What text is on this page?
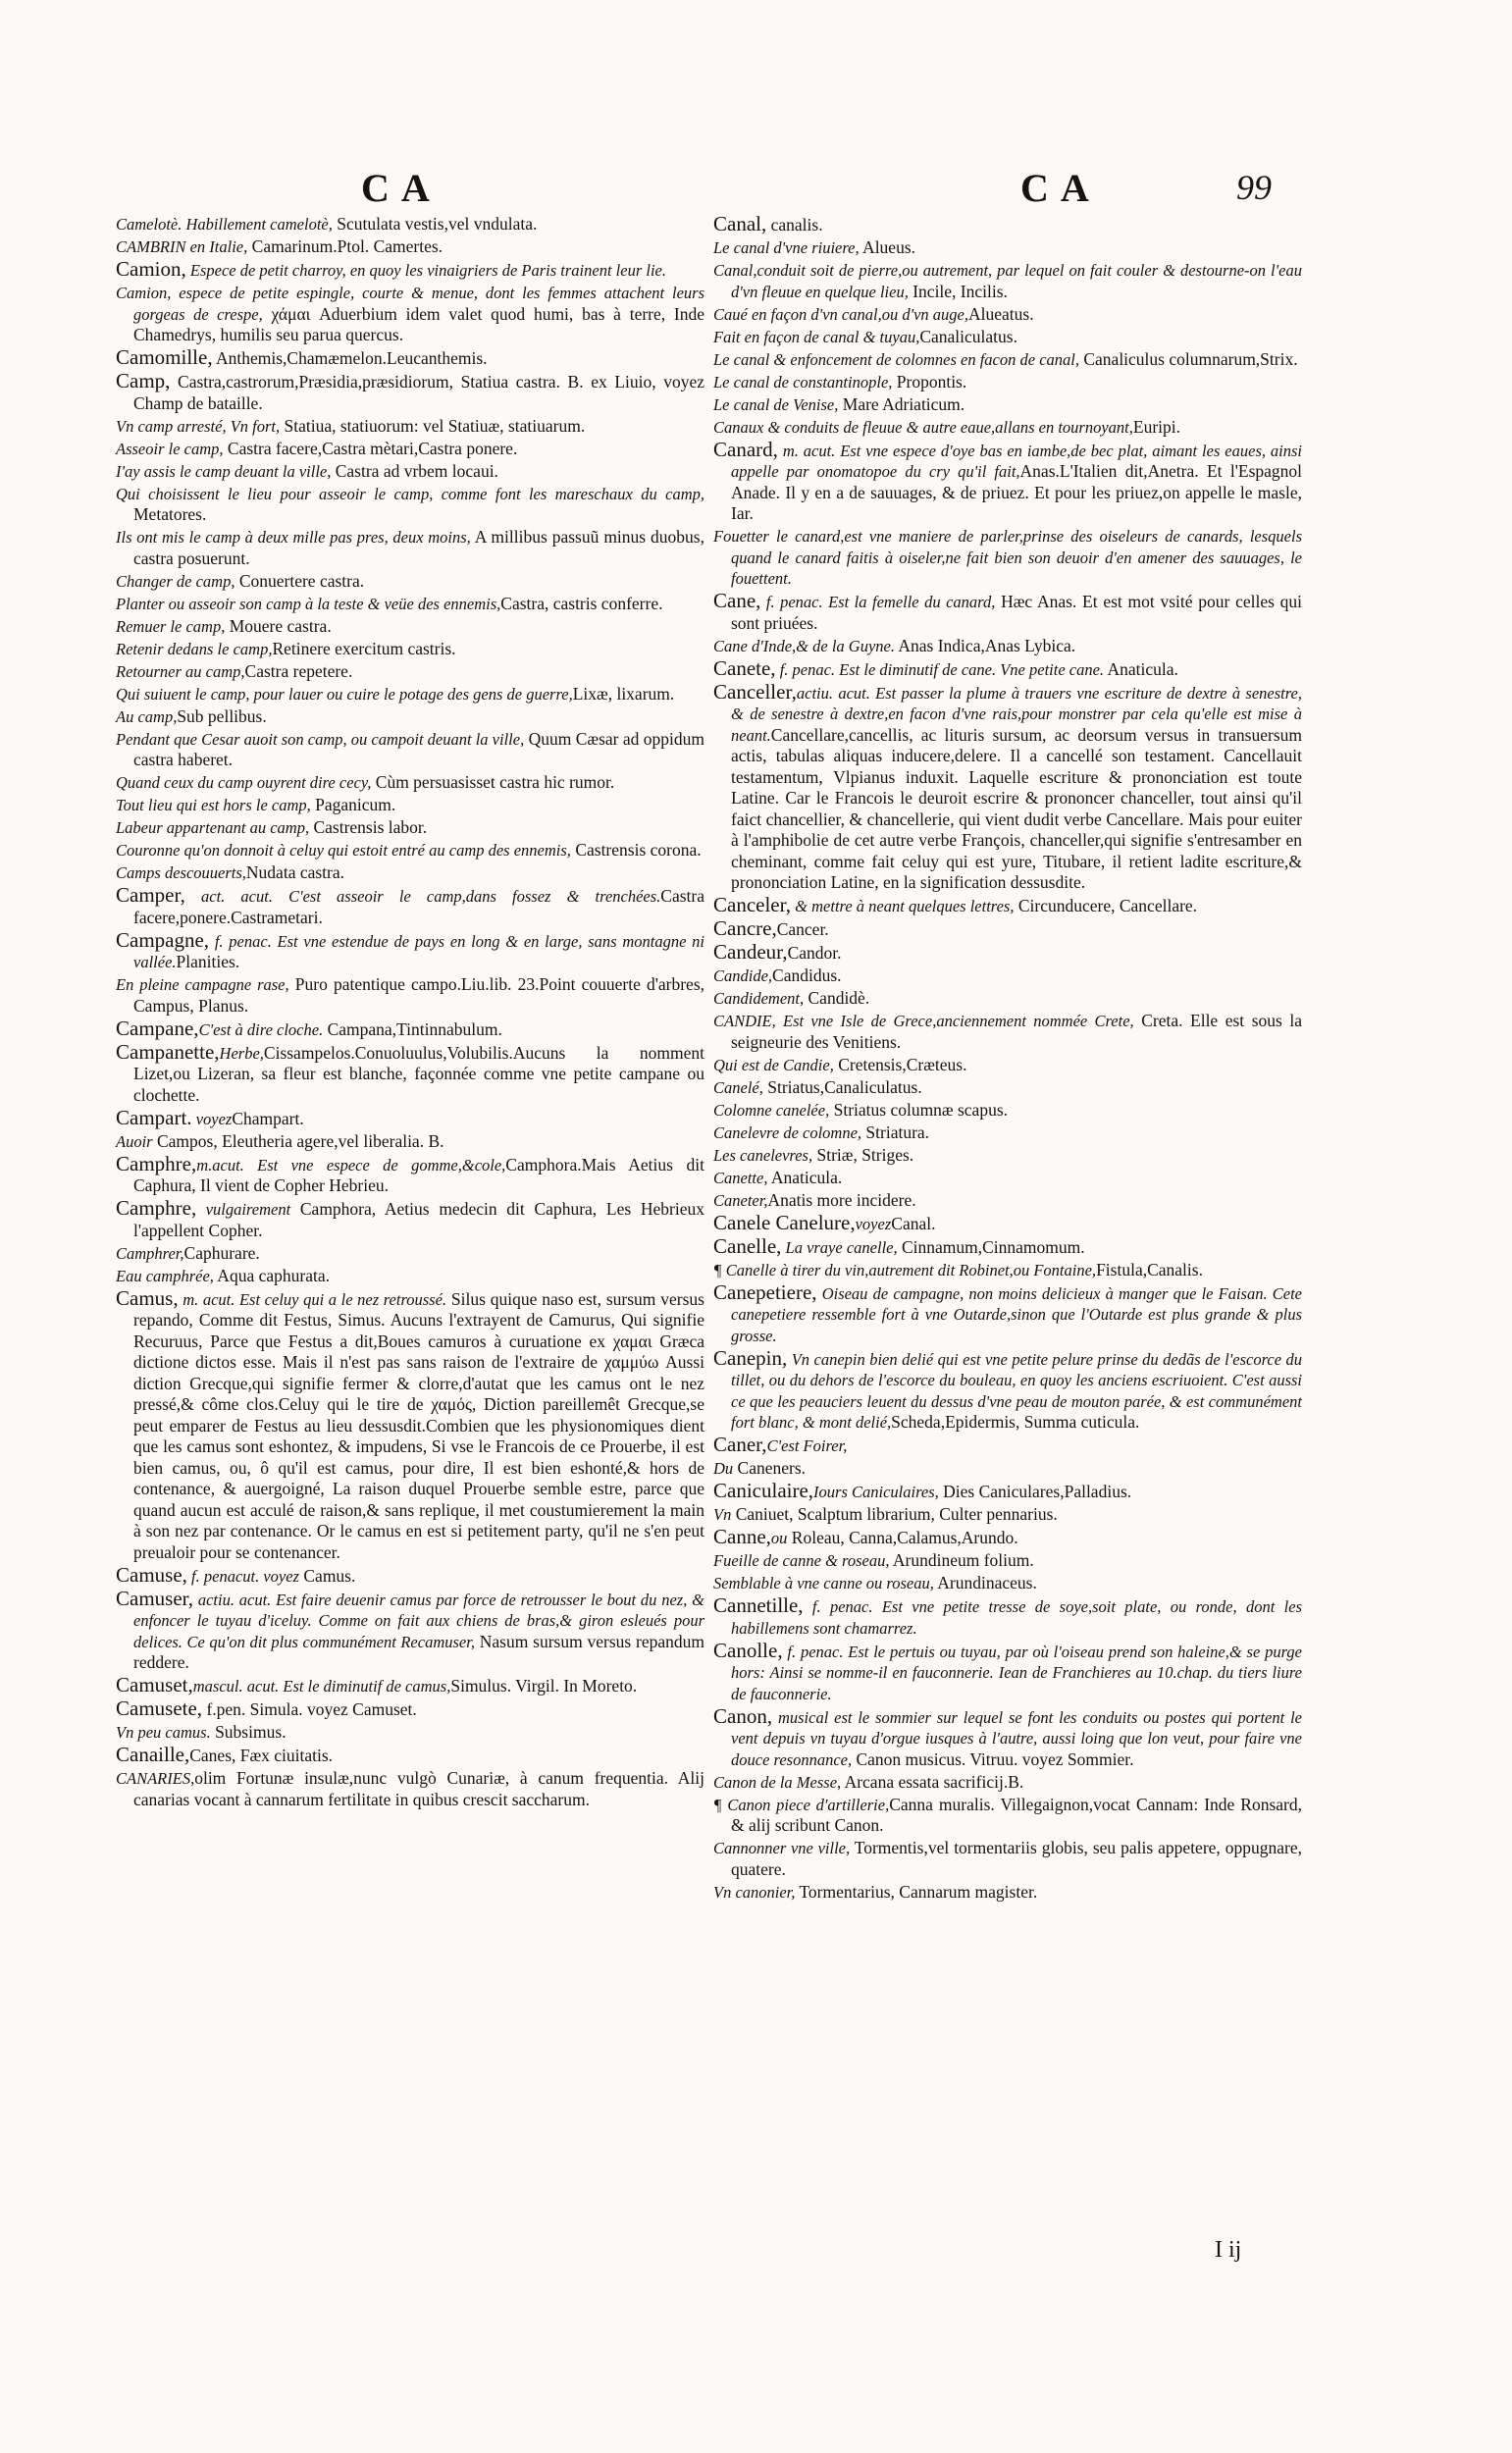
CA	CA	99

Camelotè. Habillement camelotè, Scutulata vestis,vel vndulata.

CAMBRIN en Italie, Camarinum.Ptol. Camertes.

Camion, Espece de petit charroy, en quoy les vinaigriers de Paris trainent leur lie.

Camion, espece de petite espingle, courte & menue, dont les femmes attachent leurs gorgeas de crespe, χάμαι Aduerbium idem valet quod humi, bas à terre, Inde Chamedrys, humilis seu parua quercus.

Camomille, Anthemis,Chamæmelon.Leucanthemis.

Camp, Castra,castrorum,Præsidia,præsidiorum, Statiua castra. B. ex Liuio, voyez Champ de bataille.

Vn camp arresté, Vn fort, Statiua, statiuorum: vel Statiuæ, statiuarum.

Asseoir le camp, Castra facere,Castra mètari,Castra ponere.

I'ay assis le camp deuant la ville, Castra ad vrbem locaui.

Qui choisissent le lieu pour asseoir le camp, comme font les mareschaux du camp, Metatores.

Ils ont mis le camp à deux mille pas pres, deux moins, A millibus passuũ minus duobus, castra posuerunt.

Changer de camp, Conuertere castra.

Planter ou asseoir son camp à la teste & veüe des ennemis,Castra, castris conferre.

Remuer le camp, Mouere castra.

Retenir dedans le camp,Retinere exercitum castris.

Retourner au camp,Castra repetere.

Qui suiuent le camp, pour lauer ou cuire le potage des gens de guerre,Lixæ, lixarum.

Au camp,Sub pellibus.

Pendant que Cesar auoit son camp, ou campoit deuant la ville, Quum Cæsar ad oppidum castra haberet.

Quand ceux du camp ouyrent dire cecy, Cùm persuasisset castra hic rumor.

Tout lieu qui est hors le camp, Paganicum.

Labeur appartenant au camp, Castrensis labor.

Couronne qu'on donnoit à celuy qui estoit entré au camp des ennemis, Castrensis corona.

Camps descouuerts,Nudata castra.

Camper, act. acut. C'est asseoir le camp,dans fossez & trenchées.Castra facere,ponere.Castrametari.

Campagne, f. penac. Est vne estendue de pays en long & en large, sans montagne ni vallée.Planities.

En pleine campagne rase, Puro patentique campo.Liu.lib. 23.Point couuerte d'arbres, Campus, Planus.

Campane,C'est à dire cloche. Campana,Tintinnabulum.

Campanette,Herbe,Cissampelos.Conuoluulus,Volubilis.Aucuns la nomment Lizet,ou Lizeran, sa fleur est blanche, façonnée comme vne petite campane ou clochette.

Campart. voyezChampart.

Auoir Campos, Eleutheria agere,vel liberalia. B.

Camphre,m.acut. Est vne espece de gomme,&cole,Camphora.Mais Aetius dit Caphura, Il vient de Copher Hebrieu.

Camphre, vulgairement Camphora, Aetius medecin dit Caphura, Les Hebrieux l'appellent Copher.

Camphrer,Caphurare.

Eau camphrée, Aqua caphurata.

Camus, m. acut. Est celuy qui a le nez retroussé. Silus quique naso est, sursum versus repando, Comme dit Festus, Simus. Aucuns l'extrayent de Camurus, Qui signifie Recuruus, Parce que Festus a dit,Boues camuros à curuatione ex χαμαι Græca dictione dictos esse. Mais il n'est pas sans raison de l'extraire de χαμμύω Aussi diction Grecque,qui signifie fermer & clorre,d'autat que les camus ont le nez pressé,& côme clos.Celuy qui le tire de χαμός, Diction pareillemêt Grecque,se peut emparer de Festus au lieu dessusdit.Combien que les physionomiques dient que les camus sont eshontez, & impudens, Si vse le Francois de ce Prouerbe, il est bien camus, ou, ô qu'il est camus, pour dire, Il est bien eshonté,& hors de contenance, & auergoigné, La raison duquel Prouerbe semble estre, parce que quand aucun est acculé de raison,& sans replique, il met coustumierement la main à son nez par contenance. Or le camus en est si petitement party, qu'il ne s'en peut preualoir pour se contenancer.

Camuse, f. penacut. voyez Camus.

Camuser, actiu. acut. Est faire deuenir camus par force de retrousser le bout du nez, & enfoncer le tuyau d'iceluy. Comme on fait aux chiens de bras,& giron esleués pour delices. Ce qu'on dit plus communément Recamuser, Nasum sursum versus repandum reddere.

Camuset,mascul. acut. Est le diminutif de camus,Simulus. Virgil. In Moreto.

Camusete, f.pen. Simula. voyez Camuset.

Vn peu camus. Subsimus.

Canaille,Canes, Fæx ciuitatis.

CANARIES,olim Fortunæ insulæ,nunc vulgò Cunariæ, à canum frequentia. Alij canarias vocant à cannarum fertilitate in quibus crescit saccharum.

Canal, canalis.

Le canal d'vne riuiere, Alueus.

Canal,conduit soit de pierre,ou autrement, par lequel on fait couler & destourne-on l'eau d'vn fleuue en quelque lieu, Incile, Incilis.

Caué en façon d'vn canal,ou d'vn auge,Alueatus.

Fait en façon de canal & tuyau,Canaliculatus.

Le canal & enfoncement de colomnes en facon de canal, Canaliculus columnarum,Strix.

Le canal de constantinople, Propontis.

Le canal de Venise, Mare Adriaticum.

Canaux & conduits de fleuue & autre eaue,allans en tournoyant,Euripi.

Canard, m. acut. Est vne espece d'oye bas en iambe,de bec plat, aimant les eaues, ainsi appelle par onomatopoe du cry qu'il fait,Anas.L'Italien dit,Anetra. Et l'Espagnol Anade. Il y en a de sauuages, & de priuez. Et pour les priuez,on appelle le masle, Iar.

Fouetter le canard,est vne maniere de parler,prinse des oiseleurs de canards, lesquels quand le canard faitis à oiseler,ne fait bien son deuoir d'en amener des sauuages, le fouettent.

Cane, f. penac. Est la femelle du canard, Hæc Anas. Et est mot vsité pour celles qui sont priuées.

Cane d'Inde,& de la Guyne. Anas Indica,Anas Lybica.

Canete, f. penac. Est le diminutif de cane. Vne petite cane. Anaticula.

Canceller,actiu. acut. Est passer la plume à trauers vne escriture de dextre à senestre, & de senestre à dextre,en facon d'vne rais,pour monstrer par cela qu'elle est mise à neant.Cancellare,cancellis, ac lituris sursum, ac deorsum versus in transuersum actis, tabulas aliquas inducere,delere. Il a cancellé son testament. Cancellauit testamentum, Vlpianus induxit. Laquelle escriture & prononciation est toute Latine. Car le Francois le deuroit escrire & prononcer chanceller, tout ainsi qu'il faict chancellier, & chancellerie, qui vient dudit verbe Cancellare. Mais pour euiter à l'amphibolie de cet autre verbe François, chanceller,qui signifie s'entresamber en cheminant, comme fait celuy qui est yure, Titubare, il retient ladite escriture,& prononciation Latine, en la signification dessusdite.

Canceler, & mettre à neant quelques lettres, Circunducere, Cancellare.

Cancre,Cancer.

Candeur,Candor.

Candide,Candidus.

Candidement, Candidè.

CANDIE, Est vne Isle de Grece,anciennement nommée Crete, Creta. Elle est sous la seigneurie des Venitiens.

Qui est de Candie, Cretensis,Cræteus.

Canelé, Striatus,Canaliculatus.

Colomne canelée, Striatus columnæ scapus.

Canelevre de colomne, Striatura.

Les canelevres, Striæ, Striges.

Canette, Anaticula.

Caneter,Anatis more incidere.

Canele Canelure,voyezCanal.

Canelle, La vraye canelle, Cinnamum,Cinnamomum.

¶ Canelle à tirer du vin,autrement dit Robinet,ou Fontaine,Fistula,Canalis.

Canepetiere, Oiseau de campagne, non moins delicieux à manger que le Faisan. Cete canepetiere ressemble fort à vne Outarde,sinon que l'Outarde est plus grande & plus grosse.

Canepin, Vn canepin bien delié qui est vne petite pelure prinse du dedãs de l'escorce du tillet, ou du dehors de l'escorce du bouleau, en quoy les anciens escriuoient. C'est aussi ce que les peauciers leuent du dessus d'vne peau de mouton parée, & est communément fort blanc, & mont delié,Scheda,Epidermis, Summa cuticula.

Caner,C'est Foirer,

Du Caneners.

Caniculaire,Iours Caniculaires, Dies Caniculares,Palladius.

Vn Caniuet, Scalptum librarium, Culter pennarius.

Canne,ou Roleau, Canna,Calamus,Arundo.

Fueille de canne & roseau, Arundineum folium.

Semblable à vne canne ou roseau, Arundinaceus.

Cannetille, f. penac. Est vne petite tresse de soye,soit plate, ou ronde, dont les habillemens sont chamarrez.

Canolle, f. penac. Est le pertuis ou tuyau, par où l'oiseau prend son haleine,& se purge hors: Ainsi se nomme-il en fauconnerie. Iean de Franchieres au 10.chap. du tiers liure de fauconnerie.

Canon, musical est le sommier sur lequel se font les conduits ou postes qui portent le vent depuis vn tuyau d'orgue iusques à l'autre, aussi loing que lon veut, pour faire vne douce resonnance, Canon musicus. Vitruu. voyez Sommier.

Canon de la Messe, Arcana essata sacrificij.B.

¶ Canon piece d'artillerie,Canna muralis. Villegaignon,vocat Cannam: Inde Ronsard, & alij scribunt Canon.

Cannonner vne ville, Tormentis,vel tormentariis globis, seu palis appetere, oppugnare, quatere.

Vn canonier, Tormentarius, Cannarum magister.

I ij
